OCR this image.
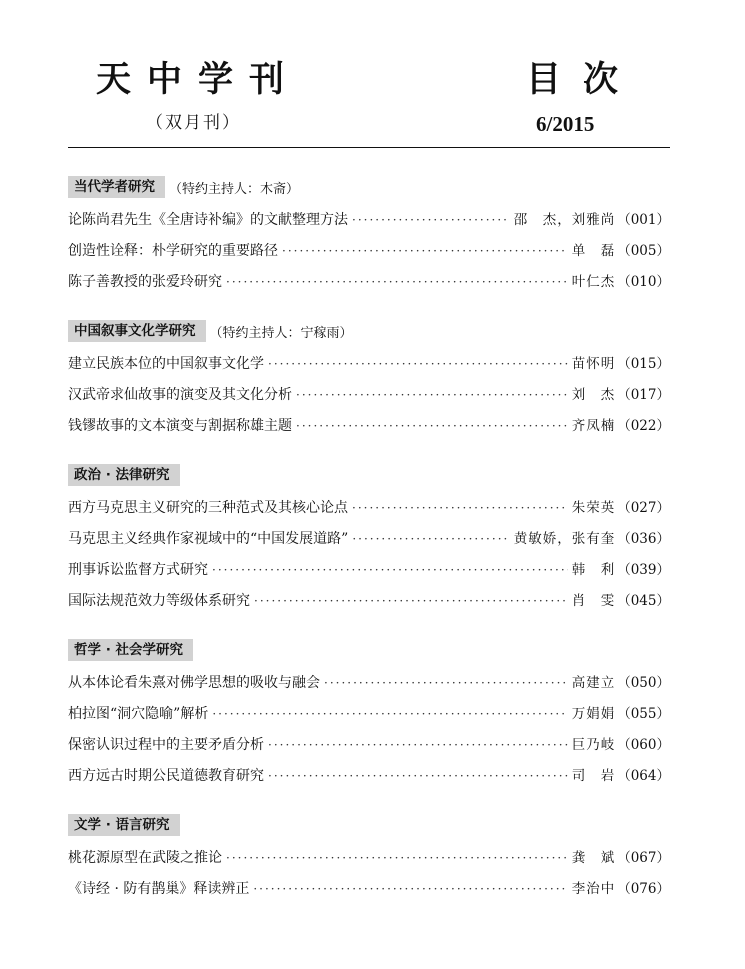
天中学刊
（双月刊）
目次
6/2015
当代学者研究	（特约主持人：木斋）
论陈尚君先生《全唐诗补编》的文献整理方法 ·····	邵　杰，刘雅尚 （001）
创造性诠释：朴学研究的重要路径 ·····	单　磊 （005）
陈子善教授的张爱玲研究 ·····	叶仁杰 （010）
中国叙事文化学研究	（特约主持人：宁稼雨）
建立民族本位的中国叙事文化学 ·····	苗怀明 （015）
汉武帝求仙故事的演变及其文化分析 ·····	刘　杰 （017）
钱镠故事的文本演变与割据称雄主题 ·····	齐凤楠 （022）
政治 · 法律研究
西方马克思主义研究的三种范式及其核心论点 ·····	朱荣英 （027）
马克思主义经典作家视域中的“中国发展道路” ·····	黄敏娇，张有奎 （036）
刑事诉讼监督方式研究 ·····	韩　利 （039）
国际法规范效力等级体系研究 ·····	肖　雯 （045）
哲学 · 社会学研究
从本体论看朱熹对佛学思想的吸收与融会 ·····	高建立 （050）
柏拉图“洞穴隐喻”解析 ·····	万娟娟 （055）
保密认识过程中的主要矛盾分析 ·····	巨乃岐 （060）
西方远古时期公民道德教育研究 ·····	司　岩 （064）
文学 · 语言研究
桃花源原型在武陵之推论 ·····	龚　斌 （067）
《诗经 · 防有鹊巢》释读辨正 ·····	李治中 （076）
